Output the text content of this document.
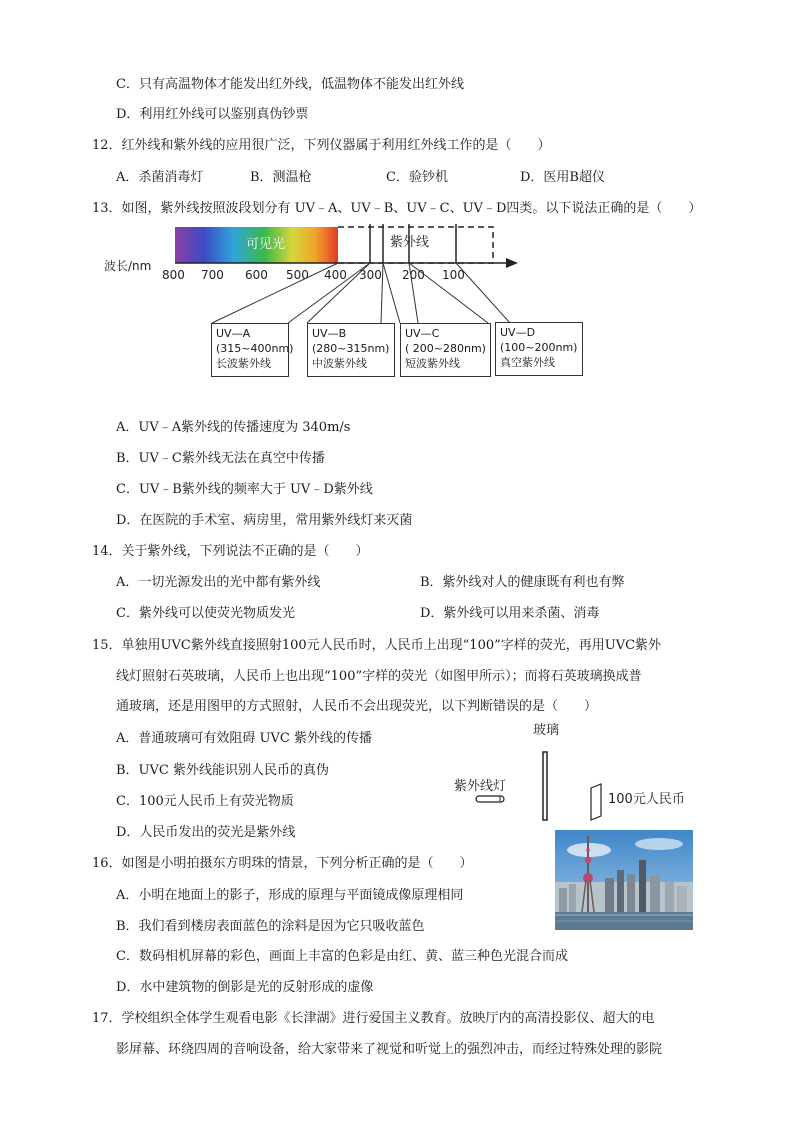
C．只有高温物体才能发出红外线，低温物体不能发出红外线
D．利用红外线可以鉴别真伪钞票
12．红外线和紫外线的应用很广泛，下列仪器属于利用红外线工作的是（　　）
A．杀菌消毒灯	B．测温枪	C．验钞机	D．医用B超仪
13．如图，紫外线按照波段划分有 UV﹣A、UV﹣B、UV﹣C、UV﹣D四类。以下说法正确的是（　　）
可见光	紫外线
波长/nm
800 700 600 500 400 300 200 100
UV—A
(315~400nm)
长波紫外线
UV—B
(280~315nm)
中波紫外线
UV—C
( 200~280nm)
短波紫外线
UV—D
(100~200nm)
真空紫外线
A．UV﹣A紫外线的传播速度为 340m/s
B．UV﹣C紫外线无法在真空中传播
C．UV﹣B紫外线的频率大于 UV﹣D紫外线
D．在医院的手术室、病房里，常用紫外线灯来灭菌
14．关于紫外线，下列说法不正确的是（　　）
A．一切光源发出的光中都有紫外线	B．紫外线对人的健康既有利也有弊
C．紫外线可以使荧光物质发光	D．紫外线可以用来杀菌、消毒
15．单独用UVC紫外线直接照射100元人民币时，人民币上出现“100”字样的荧光，再用UVC紫外
线灯照射石英玻璃，人民币上也出现“100”字样的荧光（如图甲所示）；而将石英玻璃换成普
通玻璃，还是用图甲的方式照射，人民币不会出现荧光，以下判断错误的是（　　）
A．普通玻璃可有效阻碍 UVC 紫外线的传播
B．UVC 紫外线能识别人民币的真伪
C．100元人民币上有荧光物质
D．人民币发出的荧光是紫外线
玻璃
紫外线灯
100元人民币
16．如图是小明拍摄东方明珠的情景，下列分析正确的是（　　）
A．小明在地面上的影子，形成的原理与平面镜成像原理相同
B．我们看到楼房表面蓝色的涂料是因为它只吸收蓝色
C．数码相机屏幕的彩色，画面上丰富的色彩是由红、黄、蓝三种色光混合而成
D．水中建筑物的倒影是光的反射形成的虚像
17．学校组织全体学生观看电影《长津湖》进行爱国主义教育。放映厅内的高清投影仪、超大的电
影屏幕、环绕四周的音响设备，给大家带来了视觉和听觉上的强烈冲击，而经过特殊处理的影院
